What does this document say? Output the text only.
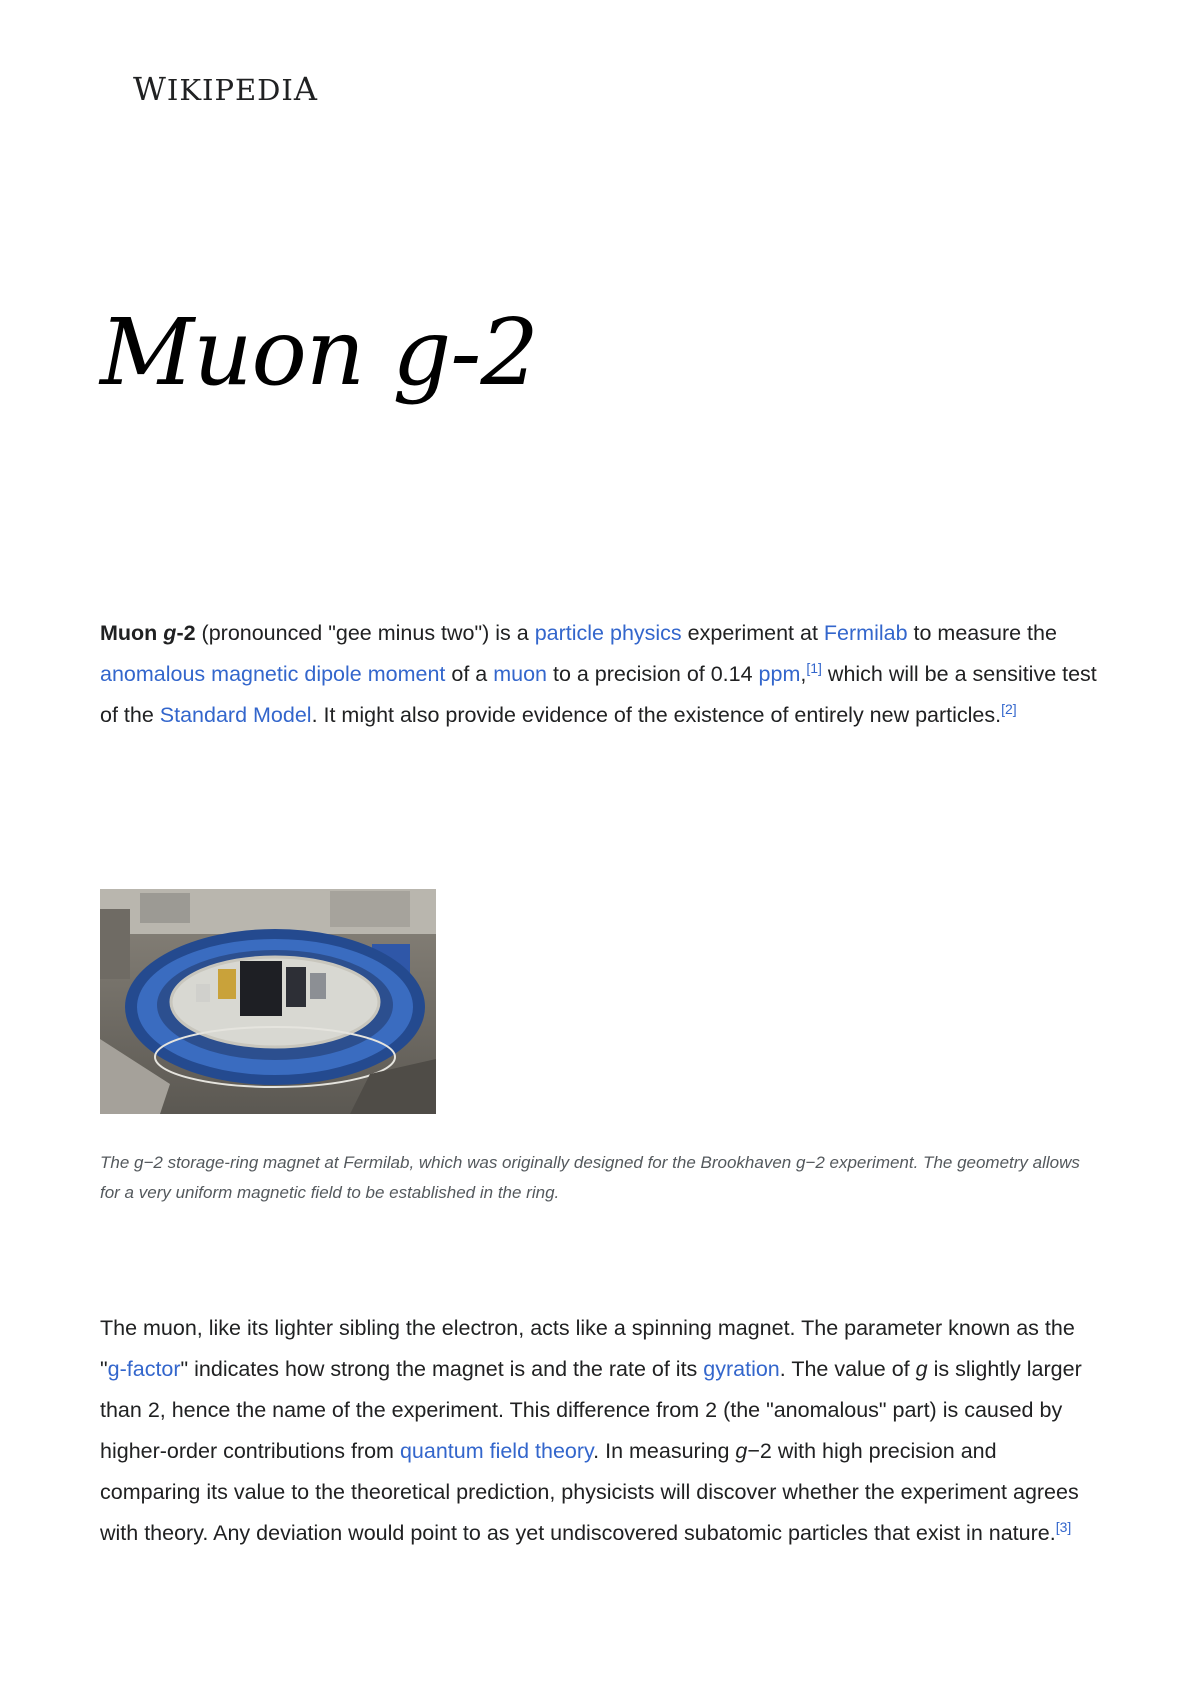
WIKIPEDIA
Muon g-2

Muon g-2 (pronounced "gee minus two") is a particle physics experiment at Fermilab to measure the anomalous magnetic dipole moment of a muon to a precision of 0.14 ppm,[1] which will be a sensitive test of the Standard Model. It might also provide evidence of the existence of entirely new particles.[2]

The g−2 storage-ring magnet at Fermilab, which was originally designed for the Brookhaven g−2 experiment. The geometry allows for a very uniform magnetic field to be established in the ring.

The muon, like its lighter sibling the electron, acts like a spinning magnet. The parameter known as the "g-factor" indicates how strong the magnet is and the rate of its gyration. The value of g is slightly larger than 2, hence the name of the experiment. This difference from 2 (the "anomalous" part) is caused by higher-order contributions from quantum field theory. In measuring g−2 with high precision and comparing its value to the theoretical prediction, physicists will discover whether the experiment agrees with theory. Any deviation would point to as yet undiscovered subatomic particles that exist in nature.[3]
